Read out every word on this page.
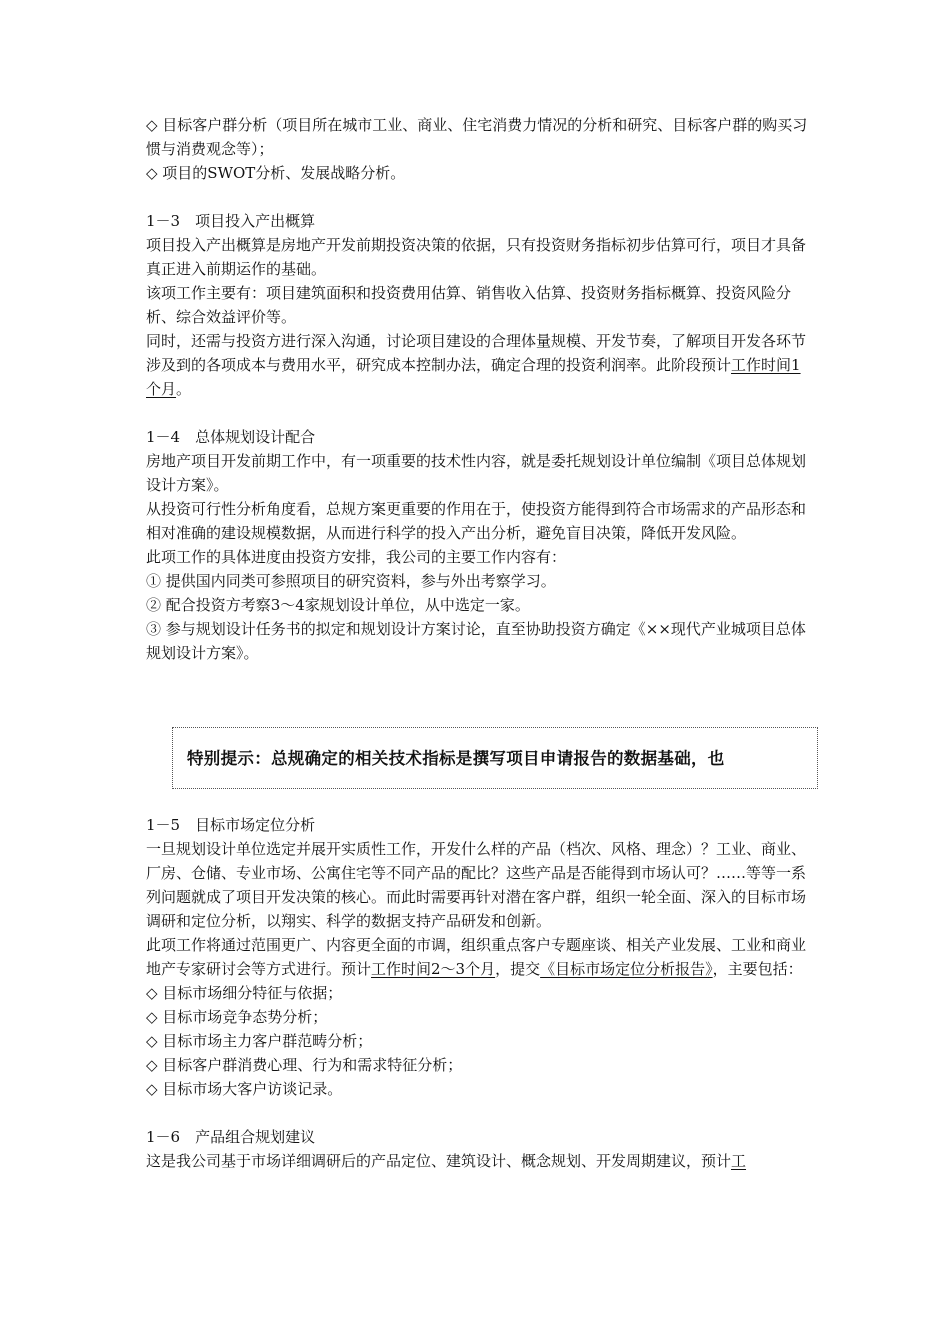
◇ 目标客户群分析（项目所在城市工业、商业、住宅消费力情况的分析和研究、目标客户群的购买习惯与消费观念等）；

◇ 项目的SWOT分析、发展战略分析。

1－3　项目投入产出概算

项目投入产出概算是房地产开发前期投资决策的依据，只有投资财务指标初步估算可行，项目才具备真正进入前期运作的基础。

该项工作主要有：项目建筑面积和投资费用估算、销售收入估算、投资财务指标概算、投资风险分析、综合效益评价等。

同时，还需与投资方进行深入沟通，讨论项目建设的合理体量规模、开发节奏，了解项目开发各环节涉及到的各项成本与费用水平，研究成本控制办法，确定合理的投资利润率。此阶段预计工作时间1个月。

1－4　总体规划设计配合

房地产项目开发前期工作中，有一项重要的技术性内容，就是委托规划设计单位编制《项目总体规划设计方案》。

从投资可行性分析角度看，总规方案更重要的作用在于，使投资方能得到符合市场需求的产品形态和相对准确的建设规模数据，从而进行科学的投入产出分析，避免盲目决策，降低开发风险。

此项工作的具体进度由投资方安排，我公司的主要工作内容有：

① 提供国内同类可参照项目的研究资料，参与外出考察学习。

② 配合投资方考察3～4家规划设计单位，从中选定一家。

③ 参与规划设计任务书的拟定和规划设计方案讨论，直至协助投资方确定《××现代产业城项目总体规划设计方案》。

特别提示：总规确定的相关技术指标是撰写项目申请报告的数据基础，也

1－5　目标市场定位分析

一旦规划设计单位选定并展开实质性工作，开发什么样的产品（档次、风格、理念）？工业、商业、厂房、仓储、专业市场、公寓住宅等不同产品的配比？这些产品是否能得到市场认可？……等等一系列问题就成了项目开发决策的核心。而此时需要再针对潜在客户群，组织一轮全面、深入的目标市场调研和定位分析，以翔实、科学的数据支持产品研发和创新。

此项工作将通过范围更广、内容更全面的市调，组织重点客户专题座谈、相关产业发展、工业和商业地产专家研讨会等方式进行。预计工作时间2～3个月，提交《目标市场定位分析报告》，主要包括：

◇ 目标市场细分特征与依据；

◇ 目标市场竞争态势分析；

◇ 目标市场主力客户群范畴分析；

◇ 目标客户群消费心理、行为和需求特征分析；

◇ 目标市场大客户访谈记录。

1－6　产品组合规划建议

这是我公司基于市场详细调研后的产品定位、建筑设计、概念规划、开发周期建议，预计工
